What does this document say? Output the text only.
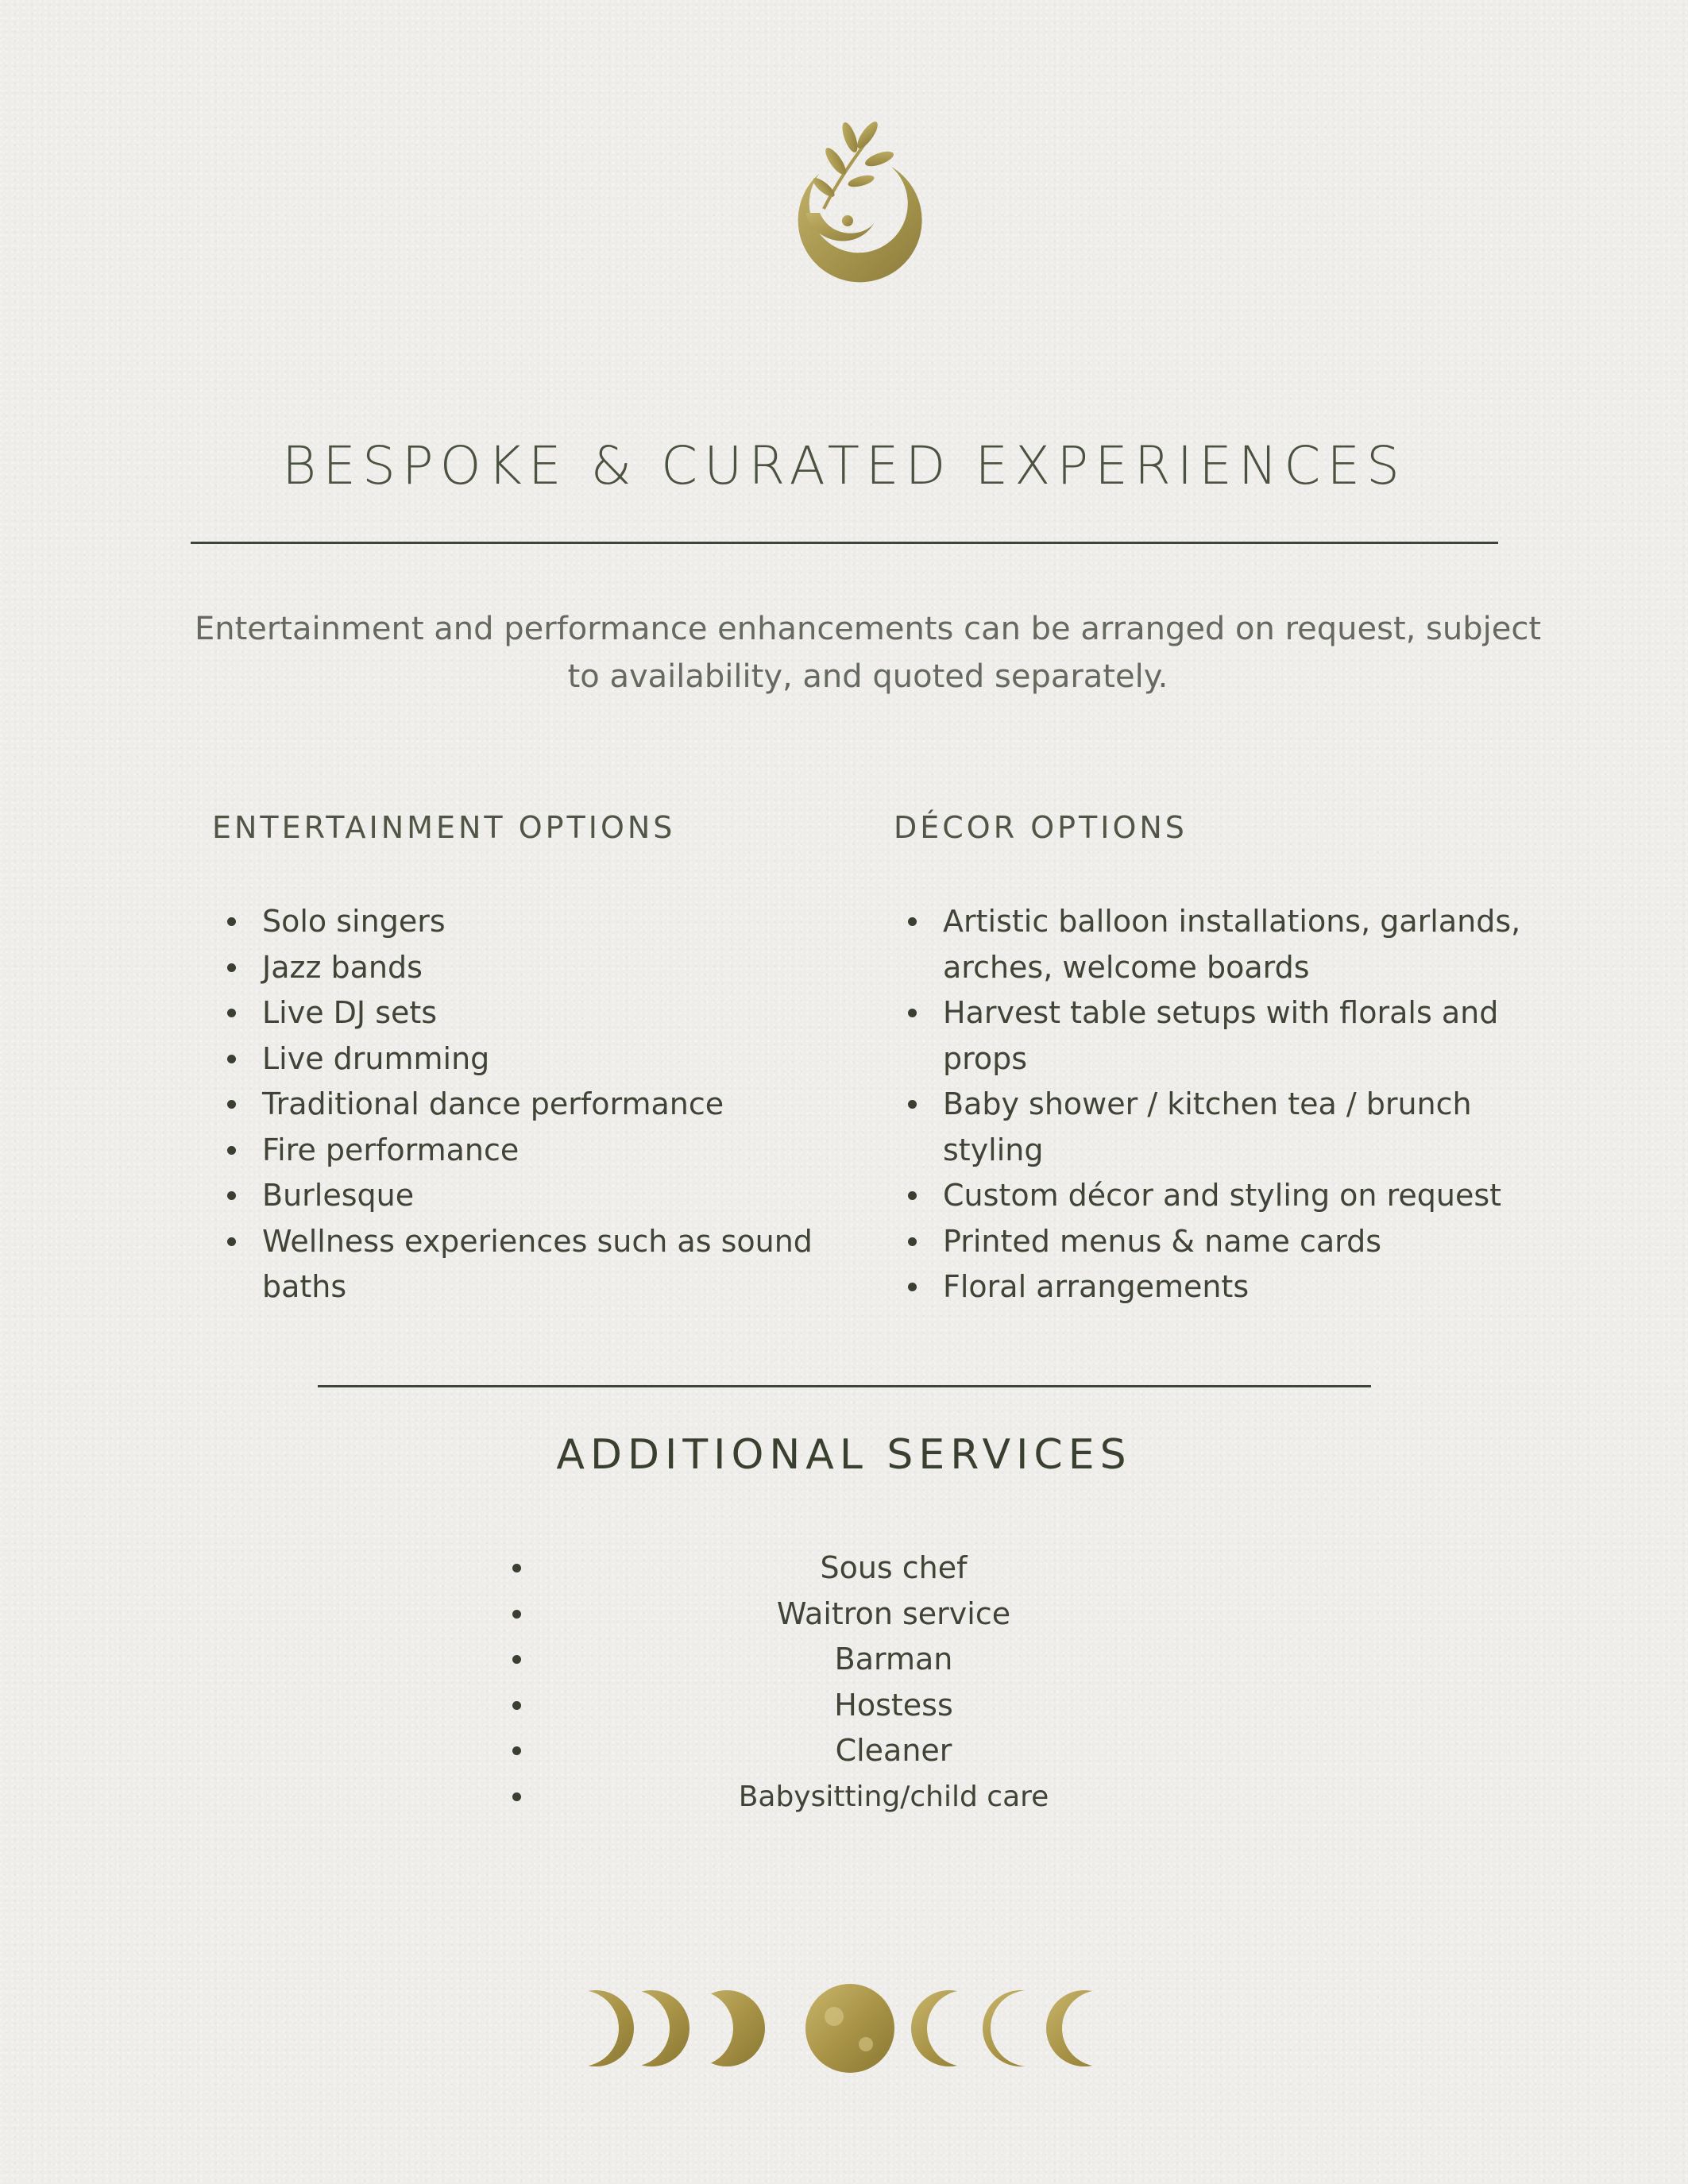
BESPOKE & CURATED EXPERIENCES
Entertainment and performance enhancements can be arranged on request, subject to availability, and quoted separately.
ENTERTAINMENT OPTIONS
Solo singers
Jazz bands
Live DJ sets
Live drumming
Traditional dance performance
Fire performance
Burlesque
Wellness experiences such as sound baths
DÉCOR OPTIONS
Artistic balloon installations, garlands, arches, welcome boards
Harvest table setups with florals and props
Baby shower / kitchen tea / brunch styling
Custom décor and styling on request
Printed menus & name cards
Floral arrangements
ADDITIONAL SERVICES
Sous chef
Waitron service
Barman
Hostess
Cleaner
Babysitting/child care
